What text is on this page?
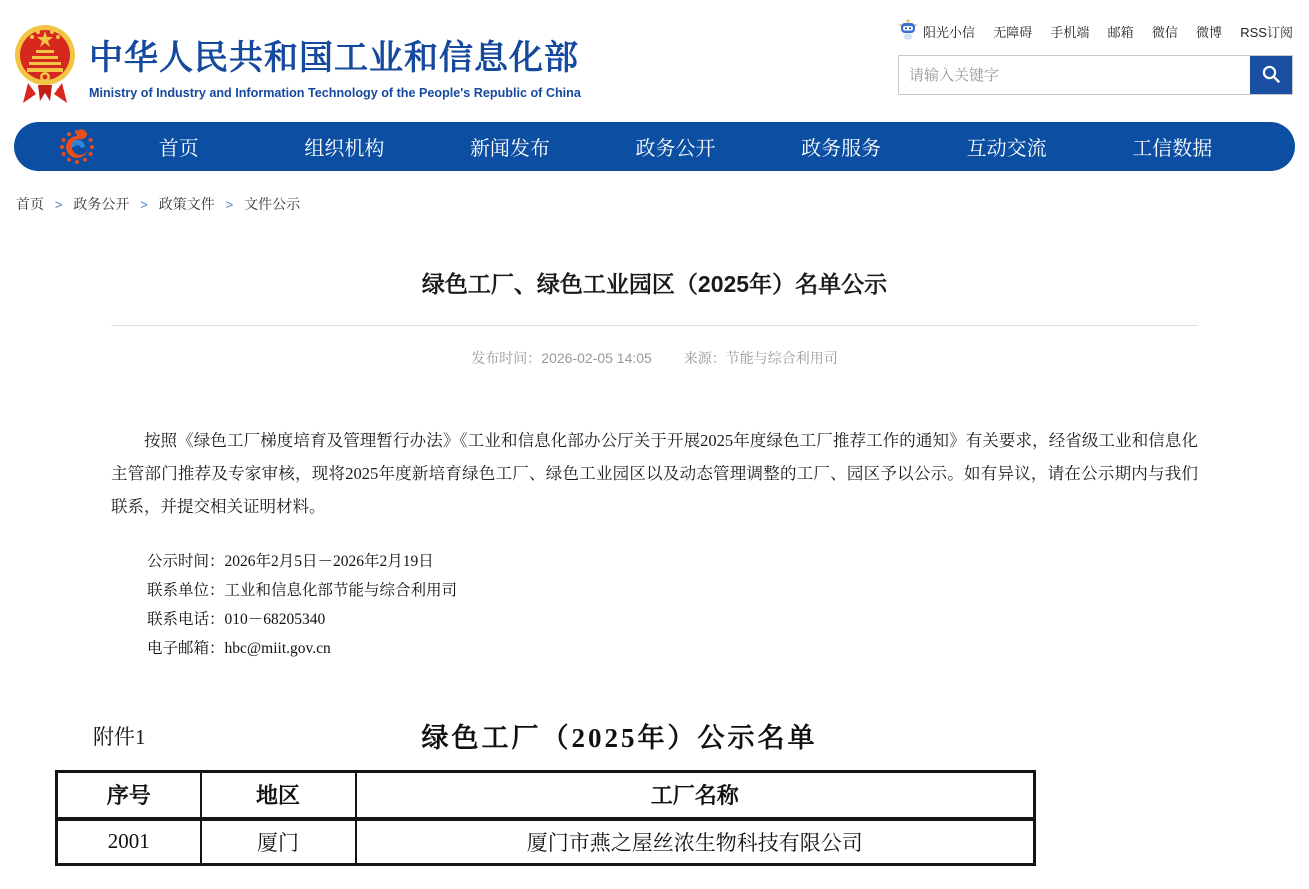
中华人民共和国工业和信息化部
Ministry of Industry and Information Technology of the People's Republic of China
阳光小信 无障碍 手机端 邮箱 微信 微博 RSS订阅
请输入关键字
首页	组织机构	新闻发布	政务公开	政务服务	互动交流	工信数据
首页 > 政务公开 > 政策文件 > 文件公示
绿色工厂、绿色工业园区（2025年）名单公示
发布时间：2026-02-05 14:05 来源：节能与综合利用司

按照《绿色工厂梯度培育及管理暂行办法》《工业和信息化部办公厅关于开展2025年度绿色工厂推荐工作的通知》有关要求，经省级工业和信息化主管部门推荐及专家审核，现将2025年度新培育绿色工厂、绿色工业园区以及动态管理调整的工厂、园区予以公示。如有异议，请在公示期内与我们联系，并提交相关证明材料。

公示时间：2026年2月5日－2026年2月19日
联系单位：工业和信息化部节能与综合利用司
联系电话：010－68205340
电子邮箱：hbc@miit.gov.cn
附件1	绿色工厂（2025年）公示名单
序号	地区	工厂名称
2001	厦门	厦门市燕之屋丝浓生物科技有限公司
